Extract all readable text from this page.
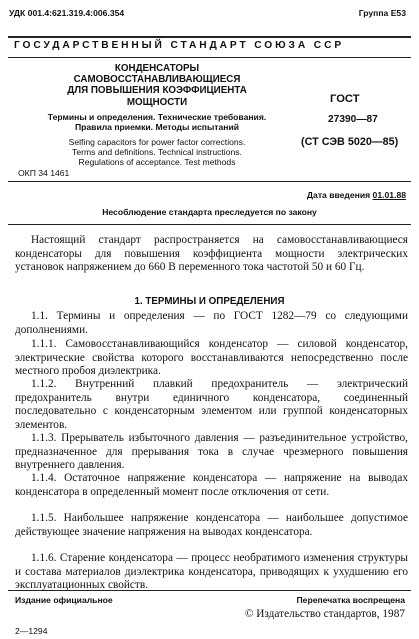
УДК 001.4:621.319.4:006.354	Группа Е53
ГОСУДАРСТВЕННЫЙ СТАНДАРТ СОЮЗА ССР
КОНДЕНСАТОРЫ
САМОВОССТАНАВЛИВАЮЩИЕСЯ
ДЛЯ ПОВЫШЕНИЯ КОЭФФИЦИЕНТА
МОЩНОСТИ
Термины и определения. Технические требования.
Правила приемки. Методы испытаний
Selfing capacitors for power factor corrections.
Terms and definitions. Technical instructions.
Regulations of acceptance. Test methods
ГОСТ
27390—87
(СТ СЭВ 5020—85)
ОКП 34 1461
Дата введения 01.01.88
Несоблюдение стандарта преследуется по закону
Настоящий стандарт распространяется на самовосстанавливающиеся конденсаторы для повышения коэффициента мощности электрических установок напряжением до 660 В переменного тока частотой 50 и 60 Гц.
1. ТЕРМИНЫ И ОПРЕДЕЛЕНИЯ
1.1. Термины и определения — по ГОСТ 1282—79 со следующими дополнениями.
1.1.1. Самовосстанавливающийся конденсатор — силовой конденсатор, электрические свойства которого восстанавливаются непосредственно после местного пробоя диэлектрика.
1.1.2. Внутренний плавкий предохранитель — электрический предохранитель внутри единичного конденсатора, соединенный последовательно с конденсаторным элементом или группой конденсаторных элементов.
1.1.3. Прерыватель избыточного давления — разъединительное устройство, предназначенное для прерывания тока в случае чрезмерного повышения внутреннего давления.
1.1.4. Остаточное напряжение конденсатора — напряжение на выводах конденсатора в определенный момент после отключения от сети.
1.1.5. Наибольшее напряжение конденсатора — наибольшее допустимое действующее значение напряжения на выводах конденсатора.
1.1.6. Старение конденсатора — процесс необратимого изменения структуры и состава материалов диэлектрика конденсатора, приводящих к ухудшению его эксплуатационных свойств.
Издание официальное	Перепечатка воспрещена
© Издательство стандартов, 1987
2—1294
